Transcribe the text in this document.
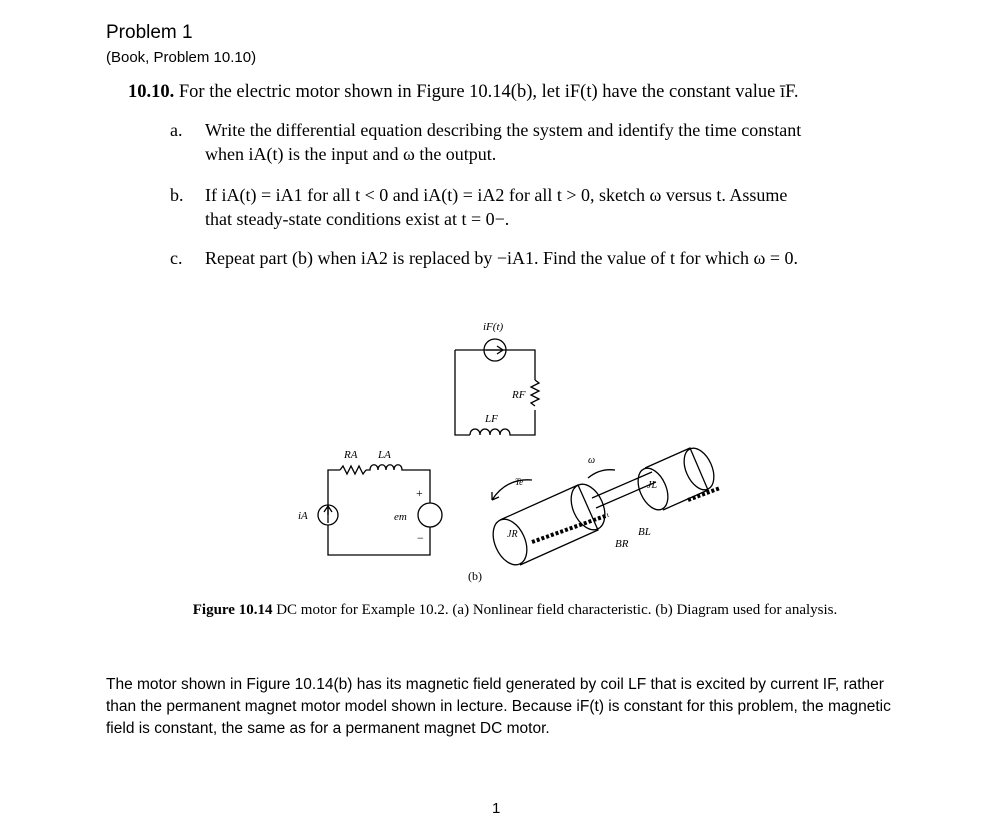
Problem 1
(Book, Problem 10.10)
10.10. For the electric motor shown in Figure 10.14(b), let iF(t) have the constant value īF.
a. Write the differential equation describing the system and identify the time constant
when iA(t) is the input and ω the output.
b. If iA(t) = iA1 for all t < 0 and iA(t) = iA2 for all t > 0, sketch ω versus t. Assume
that steady-state conditions exist at t = 0−.
c. Repeat part (b) when iA2 is replaced by −iA1. Find the value of t for which ω = 0.
iF(t)
RF
LF
RA LA
iA	em
Te
ω
JR
JL
BR
BL
+
−
(b)
Figure 10.14 DC motor for Example 10.2. (a) Nonlinear field characteristic. (b) Diagram used for analysis.
The motor shown in Figure 10.14(b) has its magnetic field generated by coil LF that is excited by current IF, rather than the permanent magnet motor model shown in lecture. Because iF(t) is constant for this problem, the magnetic field is constant, the same as for a permanent magnet DC motor.
1
